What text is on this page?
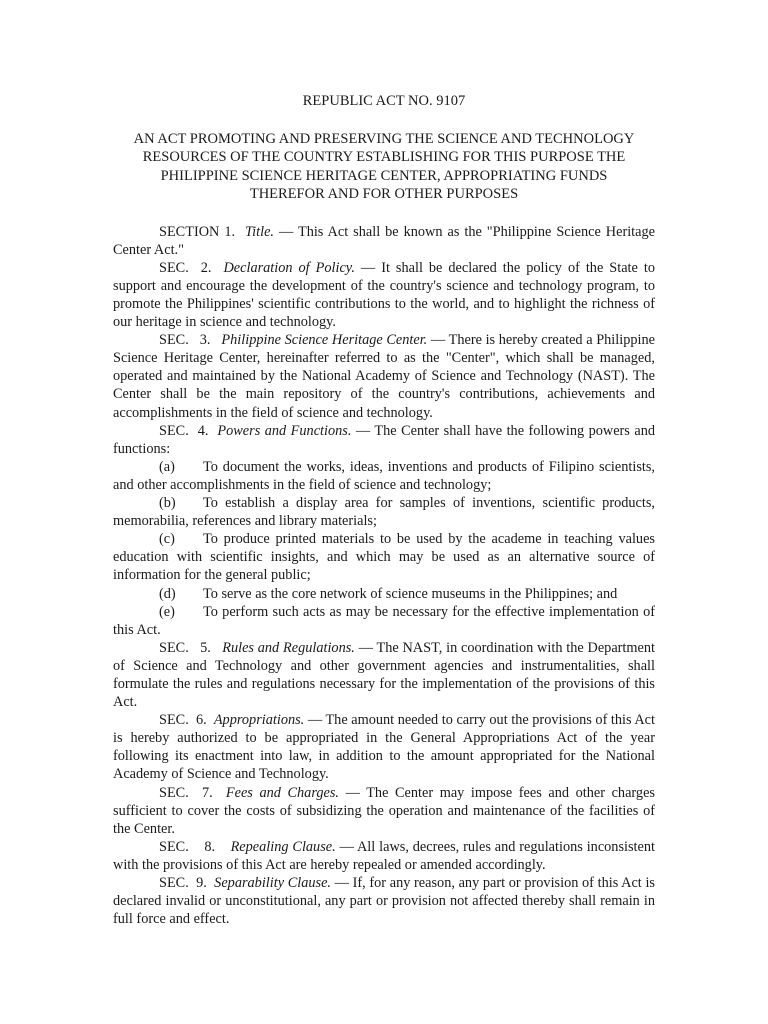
REPUBLIC ACT NO. 9107

AN ACT PROMOTING AND PRESERVING THE SCIENCE AND TECHNOLOGY
RESOURCES OF THE COUNTRY ESTABLISHING FOR THIS PURPOSE THE
PHILIPPINE SCIENCE HERITAGE CENTER, APPROPRIATING FUNDS
THEREFOR AND FOR OTHER PURPOSES

SECTION 1.  Title. — This Act shall be known as the "Philippine Science Heritage Center Act."

SEC.  2.  Declaration of Policy. — It shall be declared the policy of the State to support and encourage the development of the country's science and technology program, to promote the Philippines' scientific contributions to the world, and to highlight the richness of our heritage in science and technology.

SEC.   3.   Philippine Science Heritage Center. — There is hereby created a Philippine Science Heritage Center, hereinafter referred to as the "Center", which shall be managed, operated and maintained by the National Academy of Science and Technology (NAST). The Center shall be the main repository of the country's contributions, achievements and accomplishments in the field of science and technology.

SEC.  4.  Powers and Functions. — The Center shall have the following powers and functions:

(a) To document the works, ideas, inventions and products of Filipino scientists, and other accomplishments in the field of science and technology;

(b) To establish a display area for samples of inventions, scientific products, memorabilia, references and library materials;

(c) To produce printed materials to be used by the academe in teaching values education with scientific insights, and which may be used as an alternative source of information for the general public;

(d) To serve as the core network of science museums in the Philippines; and

(e) To perform such acts as may be necessary for the effective implementation of this Act.

SEC.   5.   Rules and Regulations. — The NAST, in coordination with the Department of Science and Technology and other government agencies and instrumentalities, shall formulate the rules and regulations necessary for the implementation of the provisions of this Act.

SEC.  6.  Appropriations. — The amount needed to carry out the provisions of this Act is hereby authorized to be appropriated in the General Appropriations Act of the year following its enactment into law, in addition to the amount appropriated for the National Academy of Science and Technology.

SEC.  7.  Fees and Charges. — The Center may impose fees and other charges sufficient to cover the costs of subsidizing the operation and maintenance of the facilities of the Center.

SEC.    8.    Repealing Clause. — All laws, decrees, rules and regulations inconsistent with the provisions of this Act are hereby repealed or amended accordingly.

SEC.  9.  Separability Clause. — If, for any reason, any part or provision of this Act is declared invalid or unconstitutional, any part or provision not affected thereby shall remain in full force and effect.
